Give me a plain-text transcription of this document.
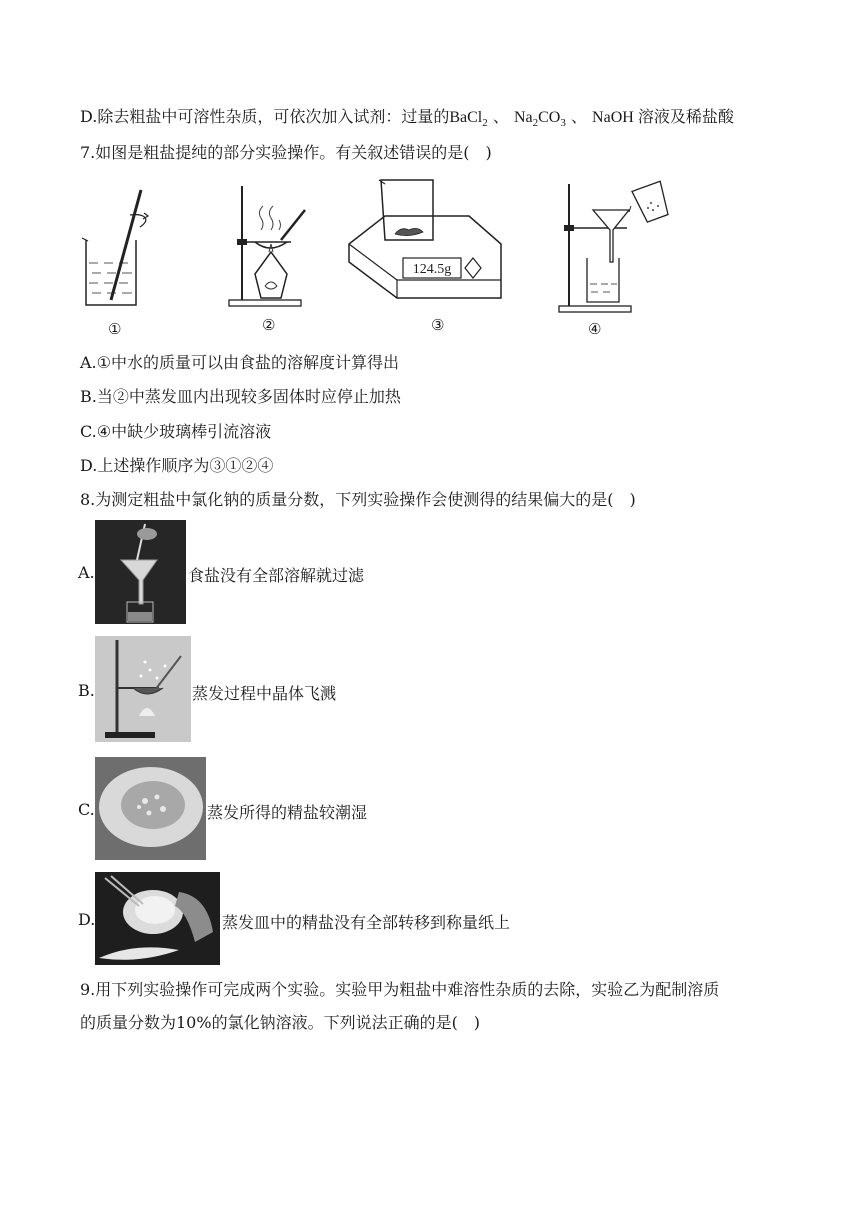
D.除去粗盐中可溶性杂质，可依次加入试剂：过量的BaCl$_2$ 、 $Na_2CO_3$ 、 NaOH 溶液及稀盐酸
7.如图是粗盐提纯的部分实验操作。有关叙述错误的是(　)
①	②
124.5g
③	④
A.①中水的质量可以由食盐的溶解度计算得出
B.当②中蒸发皿内出现较多固体时应停止加热
C.④中缺少玻璃棒引流溶液
D.上述操作顺序为③①②④
8.为测定粗盐中氯化钠的质量分数，下列实验操作会使测得的结果偏大的是(　)
A.	食盐没有全部溶解就过滤
B.	蒸发过程中晶体飞溅
C.	蒸发所得的精盐较潮湿
D.	蒸发皿中的精盐没有全部转移到称量纸上
9.用下列实验操作可完成两个实验。实验甲为粗盐中难溶性杂质的去除，实验乙为配制溶质
的质量分数为10%的氯化钠溶液。下列说法正确的是(　)
